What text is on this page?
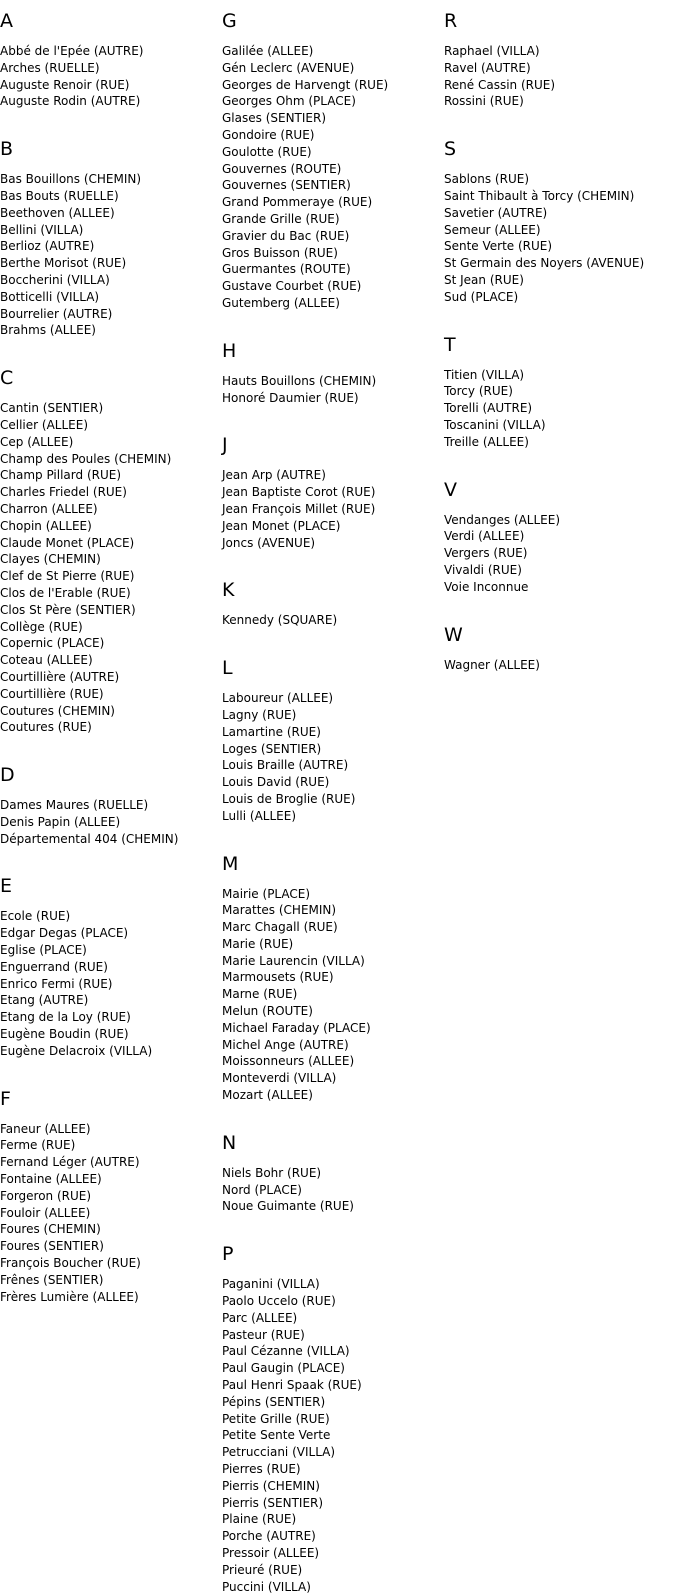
A
Abbé de l'Epée (AUTRE)
Arches (RUELLE)
Auguste Renoir (RUE)
Auguste Rodin (AUTRE)
B
Bas Bouillons (CHEMIN)
Bas Bouts (RUELLE)
Beethoven (ALLEE)
Bellini (VILLA)
Berlioz (AUTRE)
Berthe Morisot (RUE)
Boccherini (VILLA)
Botticelli (VILLA)
Bourrelier (AUTRE)
Brahms (ALLEE)
C
Cantin (SENTIER)
Cellier (ALLEE)
Cep (ALLEE)
Champ des Poules (CHEMIN)
Champ Pillard (RUE)
Charles Friedel (RUE)
Charron (ALLEE)
Chopin (ALLEE)
Claude Monet (PLACE)
Clayes (CHEMIN)
Clef de St Pierre (RUE)
Clos de l'Erable (RUE)
Clos St Père (SENTIER)
Collège (RUE)
Copernic (PLACE)
Coteau (ALLEE)
Courtillière (AUTRE)
Courtillière (RUE)
Coutures (CHEMIN)
Coutures (RUE)
D
Dames Maures (RUELLE)
Denis Papin (ALLEE)
Départemental 404 (CHEMIN)
E
Ecole (RUE)
Edgar Degas (PLACE)
Eglise (PLACE)
Enguerrand (RUE)
Enrico Fermi (RUE)
Etang (AUTRE)
Etang de la Loy (RUE)
Eugène Boudin (RUE)
Eugène Delacroix (VILLA)
F
Faneur (ALLEE)
Ferme (RUE)
Fernand Léger (AUTRE)
Fontaine (ALLEE)
Forgeron (RUE)
Fouloir (ALLEE)
Foures (CHEMIN)
Foures (SENTIER)
François Boucher (RUE)
Frênes (SENTIER)
Frères Lumière (ALLEE)
G
Galilée (ALLEE)
Gén Leclerc (AVENUE)
Georges de Harvengt (RUE)
Georges Ohm (PLACE)
Glases (SENTIER)
Gondoire (RUE)
Goulotte (RUE)
Gouvernes (ROUTE)
Gouvernes (SENTIER)
Grand Pommeraye (RUE)
Grande Grille (RUE)
Gravier du Bac (RUE)
Gros Buisson (RUE)
Guermantes (ROUTE)
Gustave Courbet (RUE)
Gutemberg (ALLEE)
H
Hauts Bouillons (CHEMIN)
Honoré Daumier (RUE)
J
Jean Arp (AUTRE)
Jean Baptiste Corot (RUE)
Jean François Millet (RUE)
Jean Monet (PLACE)
Joncs (AVENUE)
K
Kennedy (SQUARE)
L
Laboureur (ALLEE)
Lagny (RUE)
Lamartine (RUE)
Loges (SENTIER)
Louis Braille (AUTRE)
Louis David (RUE)
Louis de Broglie (RUE)
Lulli (ALLEE)
M
Mairie (PLACE)
Marattes (CHEMIN)
Marc Chagall (RUE)
Marie (RUE)
Marie Laurencin (VILLA)
Marmousets (RUE)
Marne (RUE)
Melun (ROUTE)
Michael Faraday (PLACE)
Michel Ange (AUTRE)
Moissonneurs (ALLEE)
Monteverdi (VILLA)
Mozart (ALLEE)
N
Niels Bohr (RUE)
Nord (PLACE)
Noue Guimante (RUE)
P
Paganini (VILLA)
Paolo Uccelo (RUE)
Parc (ALLEE)
Pasteur (RUE)
Paul Cézanne (VILLA)
Paul Gaugin (PLACE)
Paul Henri Spaak (RUE)
Pépins (SENTIER)
Petite Grille (RUE)
Petite Sente Verte
Petrucciani (VILLA)
Pierres (RUE)
Pierris (CHEMIN)
Pierris (SENTIER)
Plaine (RUE)
Porche (AUTRE)
Pressoir (ALLEE)
Prieuré (RUE)
Puccini (VILLA)
R
Raphael (VILLA)
Ravel (AUTRE)
René Cassin (RUE)
Rossini (RUE)
S
Sablons (RUE)
Saint Thibault à Torcy (CHEMIN)
Savetier (AUTRE)
Semeur (ALLEE)
Sente Verte (RUE)
St Germain des Noyers (AVENUE)
St Jean (RUE)
Sud (PLACE)
T
Titien (VILLA)
Torcy (RUE)
Torelli (AUTRE)
Toscanini (VILLA)
Treille (ALLEE)
V
Vendanges (ALLEE)
Verdi (ALLEE)
Vergers (RUE)
Vivaldi (RUE)
Voie Inconnue
W
Wagner (ALLEE)
